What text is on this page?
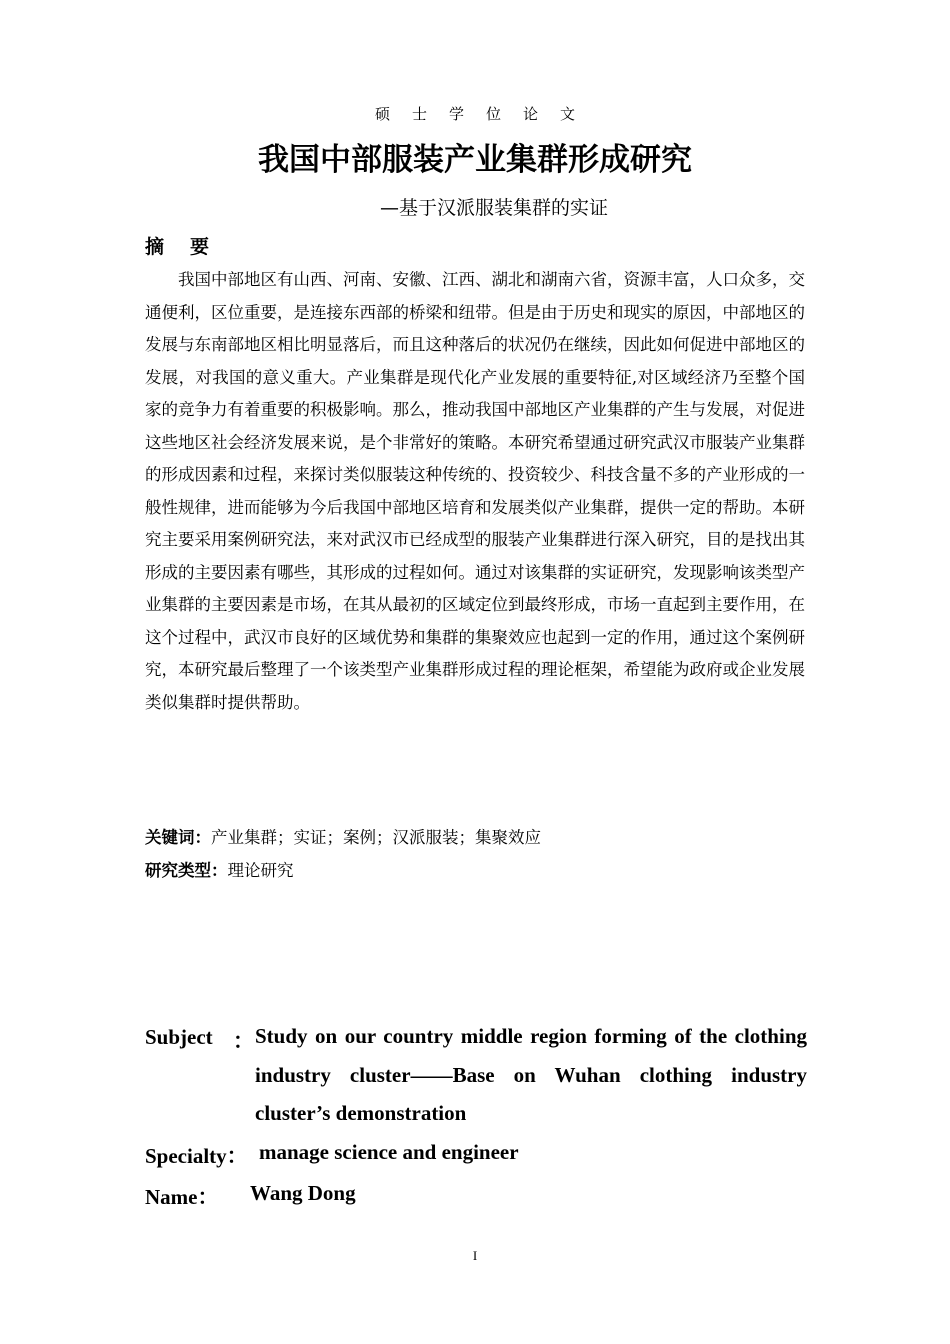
硕士学位论文
我国中部服装产业集群形成研究
—基于汉派服装集群的实证
摘要

我国中部地区有山西、河南、安徽、江西、湖北和湖南六省，资源丰富，人口众多，交通便利，区位重要，是连接东西部的桥梁和纽带。但是由于历史和现实的原因，中部地区的发展与东南部地区相比明显落后，而且这种落后的状况仍在继续，因此如何促进中部地区的发展，对我国的意义重大。产业集群是现代化产业发展的重要特征,对区域经济乃至整个国家的竞争力有着重要的积极影响。那么，推动我国中部地区产业集群的产生与发展，对促进这些地区社会经济发展来说，是个非常好的策略。本研究希望通过研究武汉市服装产业集群的形成因素和过程，来探讨类似服装这种传统的、投资较少、科技含量不多的产业形成的一般性规律，进而能够为今后我国中部地区培育和发展类似产业集群，提供一定的帮助。本研究主要采用案例研究法，来对武汉市已经成型的服装产业集群进行深入研究，目的是找出其形成的主要因素有哪些，其形成的过程如何。通过对该集群的实证研究，发现影响该类型产业集群的主要因素是市场，在其从最初的区域定位到最终形成，市场一直起到主要作用，在这个过程中，武汉市良好的区域优势和集群的集聚效应也起到一定的作用，通过这个案例研究，本研究最后整理了一个该类型产业集群形成过程的理论框架，希望能为政府或企业发展类似集群时提供帮助。

关键词：产业集群；实证；案例；汉派服装；集聚效应
研究类型：理论研究
Subject ： Study on our country middle region forming of the clothing industry cluster——Base on Wuhan clothing industry cluster’s demonstration
Specialty： manage science and engineer
Name： Wang Dong
I
